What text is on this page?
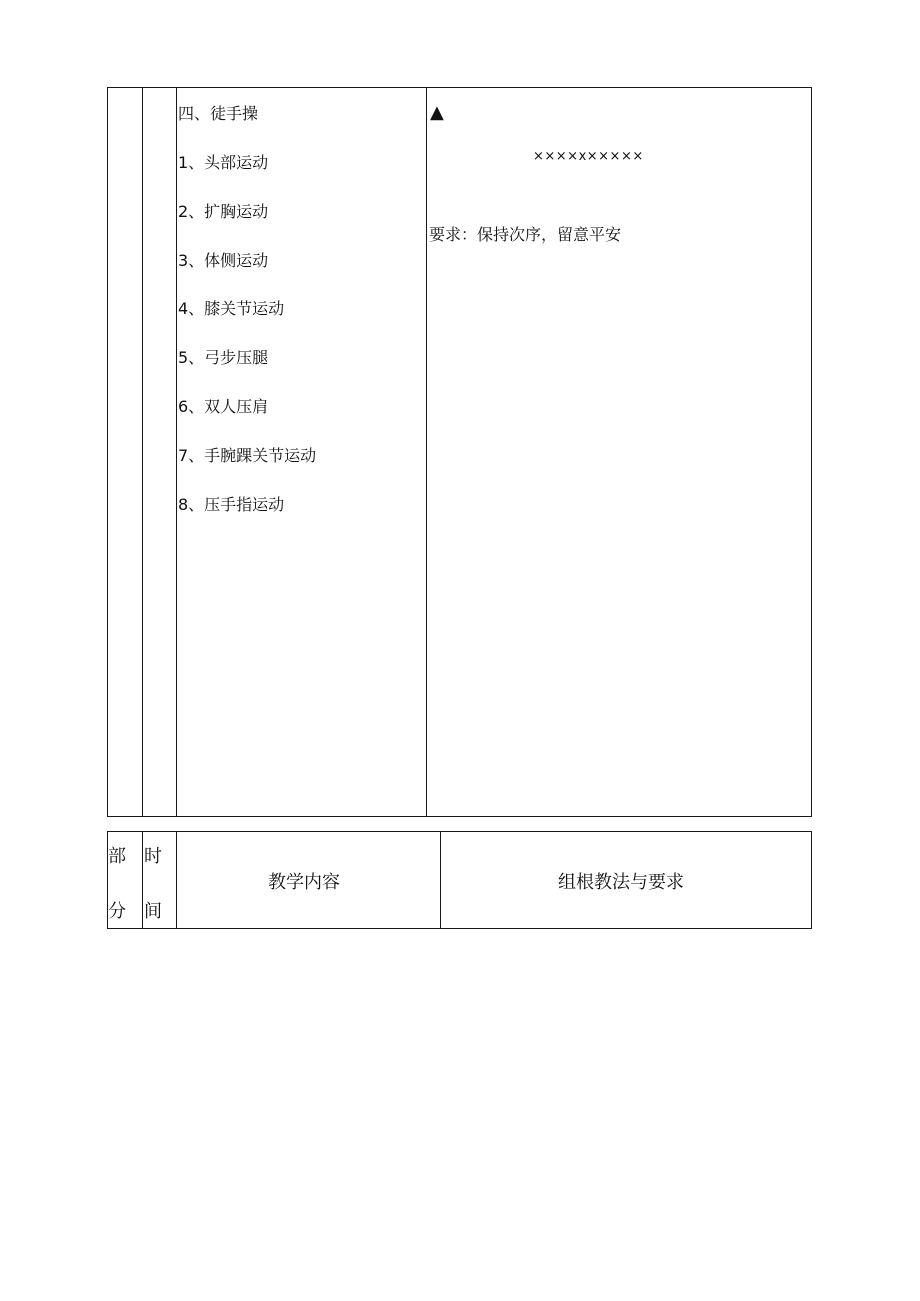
四、徒手操
1、头部运动
2、扩胸运动
3、体侧运动
4、膝关节运动
5、弓步压腿
6、双人压肩
7、手腕踝关节运动
8、压手指运动
▲
××××x×××××
要求：保持次序，留意平安
部
分
时
间
教学内容	组根教法与要求
